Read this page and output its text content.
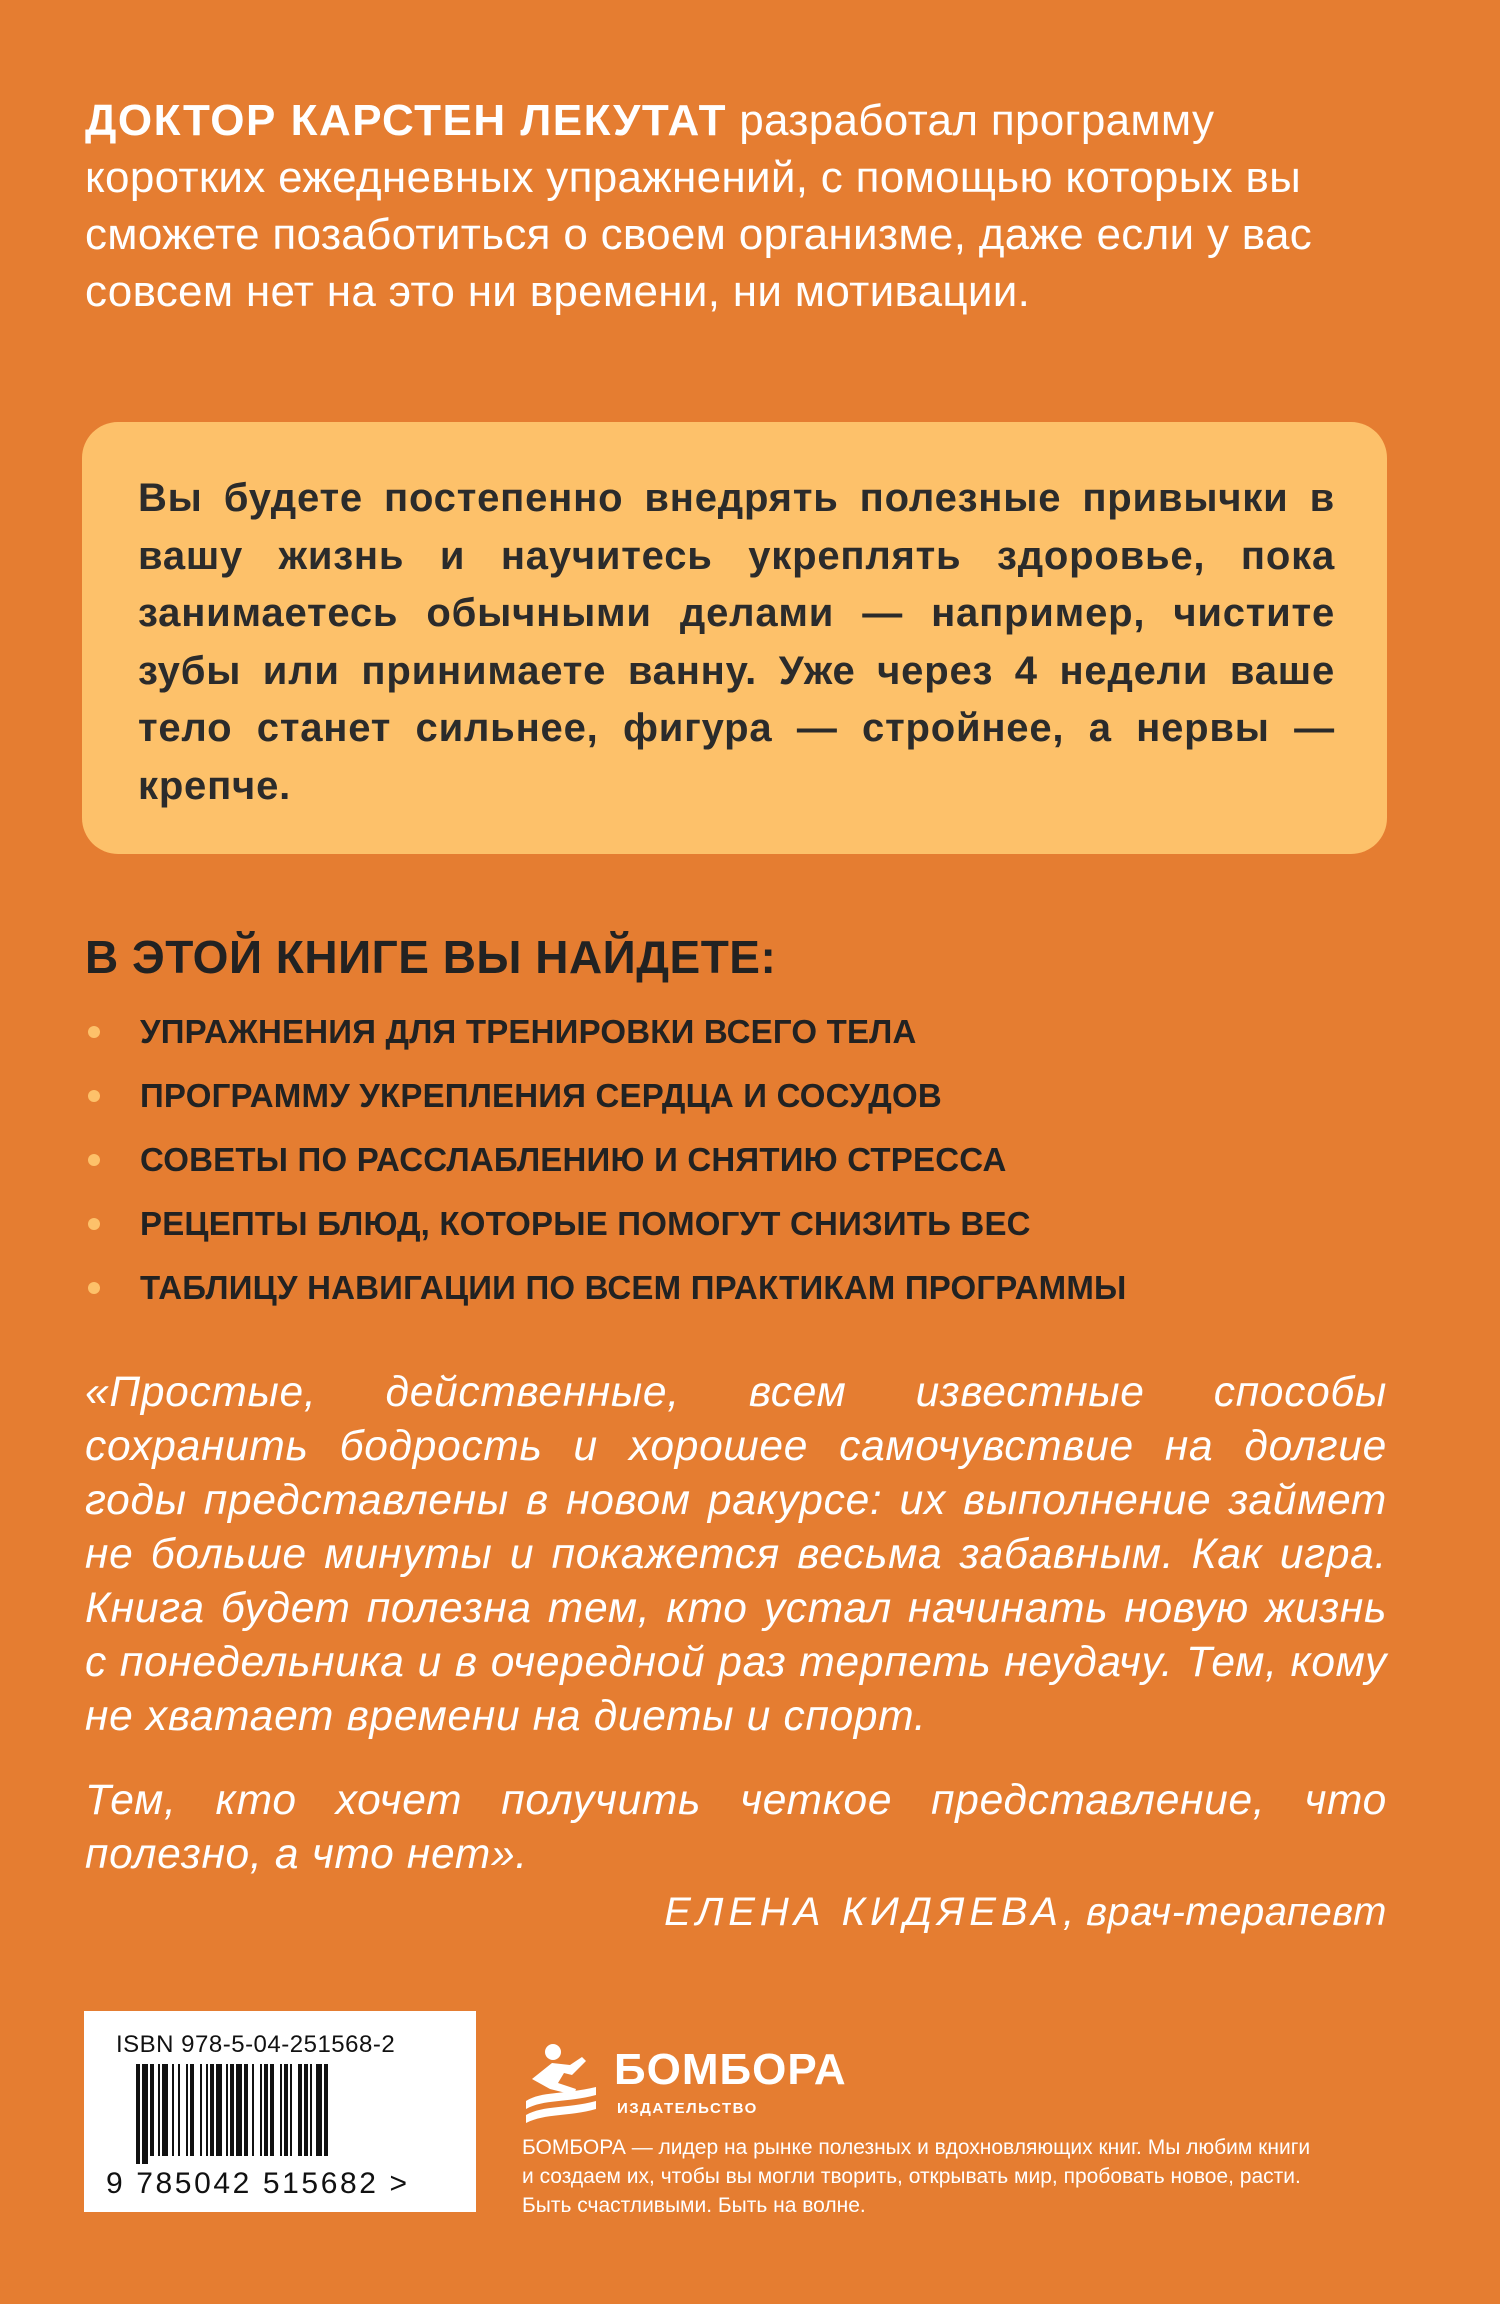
ДОКТОР КАРСТЕН ЛЕКУТАТ разработал программу коротких ежедневных упражнений, с помощью которых вы сможете позаботиться о своем организме, даже если у вас совсем нет на это ни времени, ни мотивации.

Вы будете постепенно внедрять полезные привычки в вашу жизнь и научитесь укреплять здоровье, пока занимаетесь обычными делами — например, чистите зубы или принимаете ванну. Уже через 4 недели ваше тело станет сильнее, фигура — стройнее, а нервы — крепче.

В ЭТОЙ КНИГЕ ВЫ НАЙДЕТЕ:
УПРАЖНЕНИЯ ДЛЯ ТРЕНИРОВКИ ВСЕГО ТЕЛА
ПРОГРАММУ УКРЕПЛЕНИЯ СЕРДЦА И СОСУДОВ
СОВЕТЫ ПО РАССЛАБЛЕНИЮ И СНЯТИЮ СТРЕССА
РЕЦЕПТЫ БЛЮД, КОТОРЫЕ ПОМОГУТ СНИЗИТЬ ВЕС
ТАБЛИЦУ НАВИГАЦИИ ПО ВСЕМ ПРАКТИКАМ ПРОГРАММЫ

«Простые, действенные, всем известные способы сохранить бодрость и хорошее самочувствие на долгие годы представлены в новом ракурсе: их выполнение займет не больше минуты и покажется весьма забавным. Как игра. Книга будет полезна тем, кто устал начинать новую жизнь с понедельника и в очередной раз терпеть неудачу. Тем, кому не хватает времени на диеты и спорт.

Тем, кто хочет получить четкое представление, что полезно, а что нет».

ЕЛЕНА КИДЯЕВА, врач-терапевт
ISBN 978-5-04-251568-2
9 785042 515682 >
БОМБОРА
ИЗДАТЕЛЬСТВО
БОМБОРА — лидер на рынке полезных и вдохновляющих книг. Мы любим книги и создаем их, чтобы вы могли творить, открывать мир, пробовать новое, расти. Быть счастливыми. Быть на волне.
